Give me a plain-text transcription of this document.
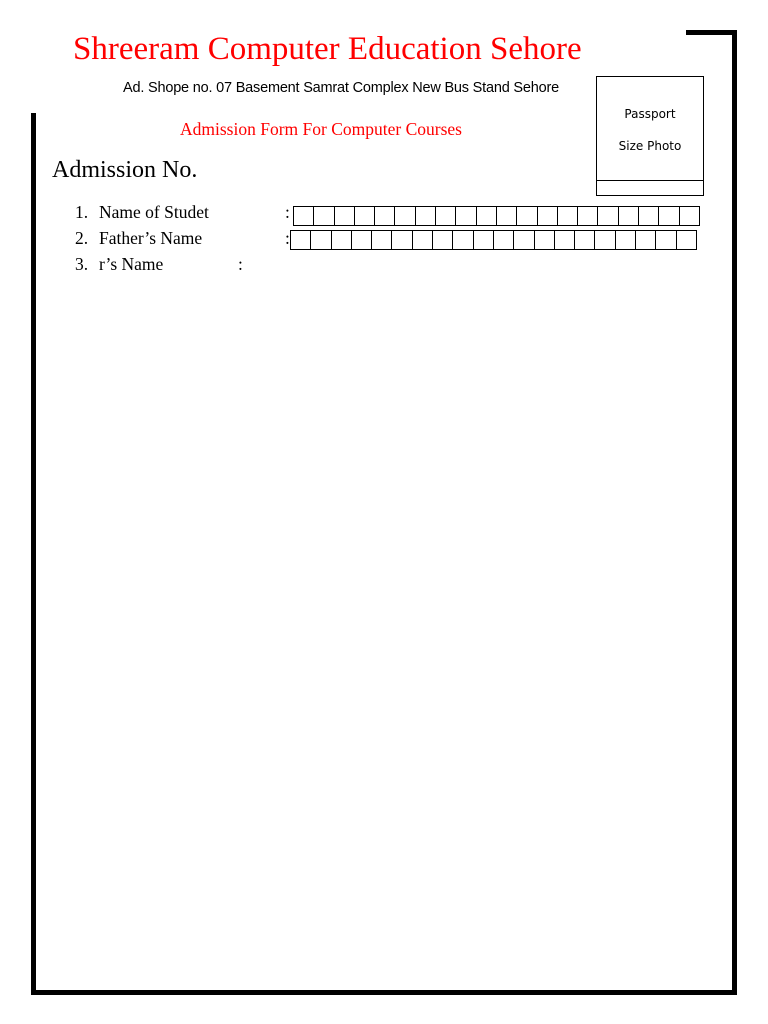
Shreeram Computer Education Sehore
Ad. Shope no. 07 Basement Samrat Complex New Bus Stand Sehore
Admission Form For Computer Courses
Passport
Size Photo
Admission No.
1. Name of Studet	:
2. Father’s Name	:
3. r’s Name	:
